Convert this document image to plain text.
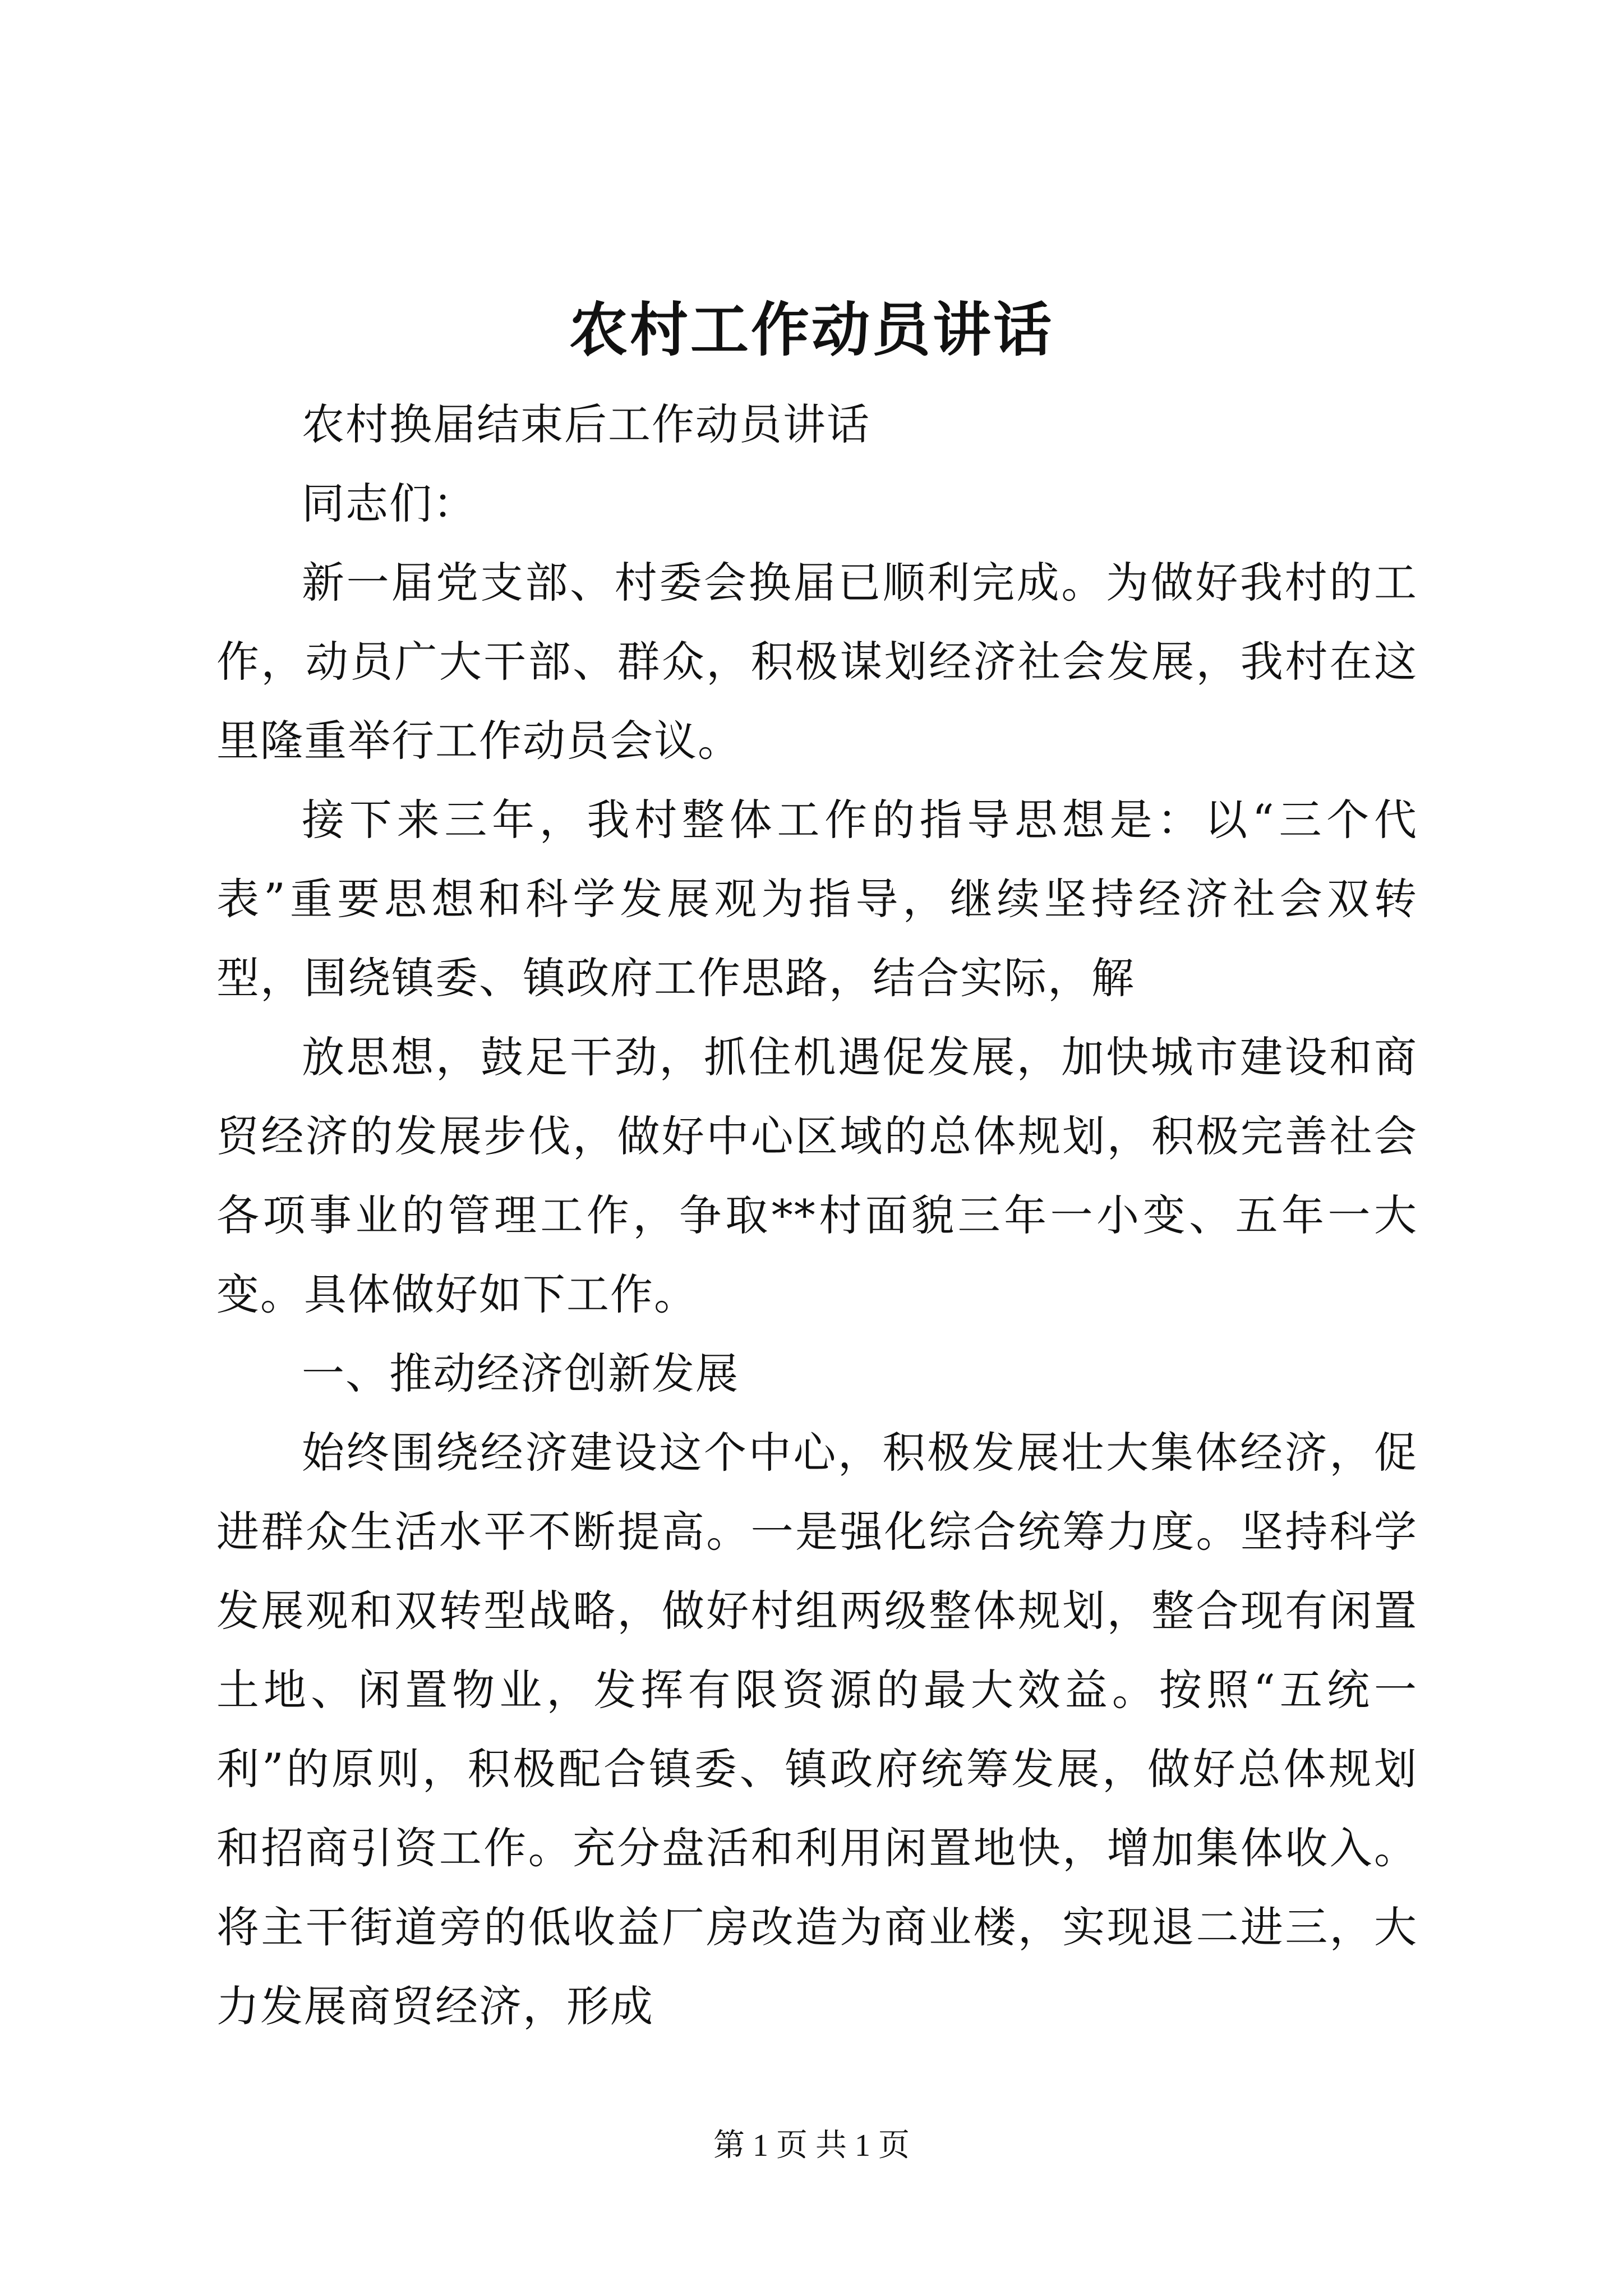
农村工作动员讲话

农村换届结束后工作动员讲话

同志们：

新一届党支部、村委会换届已顺利完成。为做好我村的工作，动员广大干部、群众，积极谋划经济社会发展，我村在这里隆重举行工作动员会议。

接下来三年，我村整体工作的指导思想是：以“三个代表”重要思想和科学发展观为指导，继续坚持经济社会双转型，围绕镇委、镇政府工作思路，结合实际，解

放思想，鼓足干劲，抓住机遇促发展，加快城市建设和商贸经济的发展步伐，做好中心区域的总体规划，积极完善社会各项事业的管理工作，争取**村面貌三年一小变、五年一大变。具体做好如下工作。

一、推动经济创新发展

始终围绕经济建设这个中心，积极发展壮大集体经济，促进群众生活水平不断提高。一是强化综合统筹力度。坚持科学发展观和双转型战略，做好村组两级整体规划，整合现有闲置土地、闲置物业，发挥有限资源的最大效益。按照“五统一利”的原则，积极配合镇委、镇政府统筹发展，做好总体规划和招商引资工作。充分盘活和利用闲置地快，增加集体收入。将主干街道旁的低收益厂房改造为商业楼，实现退二进三，大力发展商贸经济，形成

第 1 页 共 1 页
